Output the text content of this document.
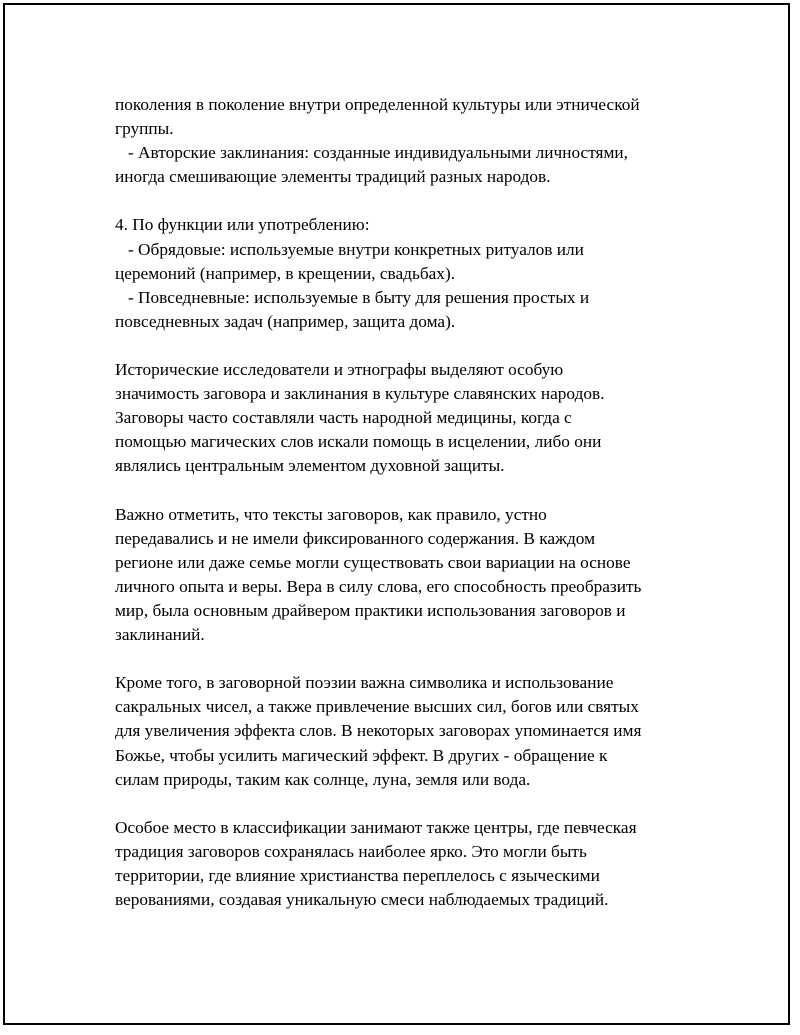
поколения в поколение внутри определенной культуры или этнической

группы.

- Авторские заклинания: созданные индивидуальными личностями,

иногда смешивающие элементы традиций разных народов.

4. По функции или употреблению:

- Обрядовые: используемые внутри конкретных ритуалов или

церемоний (например, в крещении, свадьбах).

- Повседневные: используемые в быту для решения простых и

повседневных задач (например, защита дома).

Исторические исследователи и этнографы выделяют особую

значимость заговора и заклинания в культуре славянских народов.

Заговоры часто составляли часть народной медицины, когда с

помощью магических слов искали помощь в исцелении, либо они

являлись центральным элементом духовной защиты.

Важно отметить, что тексты заговоров, как правило, устно

передавались и не имели фиксированного содержания. В каждом

регионе или даже семье могли существовать свои вариации на основе

личного опыта и веры. Вера в силу слова, его способность преобразить

мир, была основным драйвером практики использования заговоров и

заклинаний.

Кроме того, в заговорной поэзии важна символика и использование

сакральных чисел, а также привлечение высших сил, богов или святых

для увеличения эффекта слов. В некоторых заговорах упоминается имя

Божье, чтобы усилить магический эффект. В других - обращение к

силам природы, таким как солнце, луна, земля или вода.

Особое место в классификации занимают также центры, где певческая

традиция заговоров сохранялась наиболее ярко. Это могли быть

территории, где влияние христианства переплелось с языческими

верованиями, создавая уникальную смеси наблюдаемых традиций.
